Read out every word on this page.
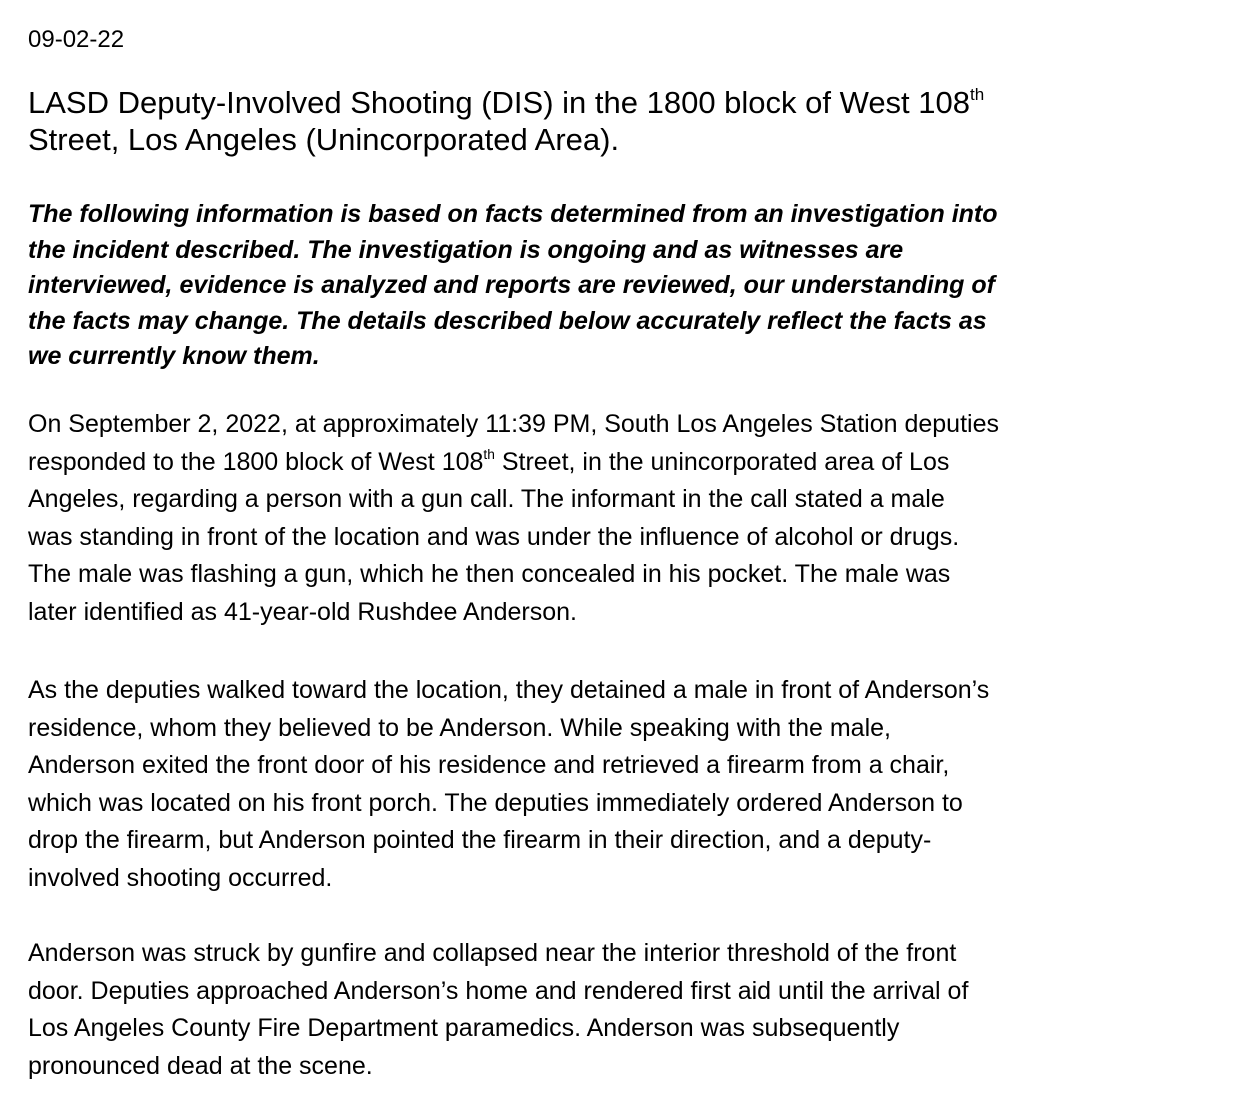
09-02-22
LASD Deputy-Involved Shooting (DIS) in the 1800 block of West 108th
Street, Los Angeles (Unincorporated Area).

The following information is based on facts determined from an investigation into
the incident described. The investigation is ongoing and as witnesses are
interviewed, evidence is analyzed and reports are reviewed, our understanding of
the facts may change. The details described below accurately reflect the facts as
we currently know them.

On September 2, 2022, at approximately 11:39 PM, South Los Angeles Station deputies
responded to the 1800 block of West 108th Street, in the unincorporated area of Los
Angeles, regarding a person with a gun call. The informant in the call stated a male
was standing in front of the location and was under the influence of alcohol or drugs.
The male was flashing a gun, which he then concealed in his pocket. The male was
later identified as 41-year-old Rushdee Anderson.

As the deputies walked toward the location, they detained a male in front of Anderson’s
residence, whom they believed to be Anderson. While speaking with the male,
Anderson exited the front door of his residence and retrieved a firearm from a chair,
which was located on his front porch. The deputies immediately ordered Anderson to
drop the firearm, but Anderson pointed the firearm in their direction, and a deputy-
involved shooting occurred.

Anderson was struck by gunfire and collapsed near the interior threshold of the front
door. Deputies approached Anderson’s home and rendered first aid until the arrival of
Los Angeles County Fire Department paramedics. Anderson was subsequently
pronounced dead at the scene.
